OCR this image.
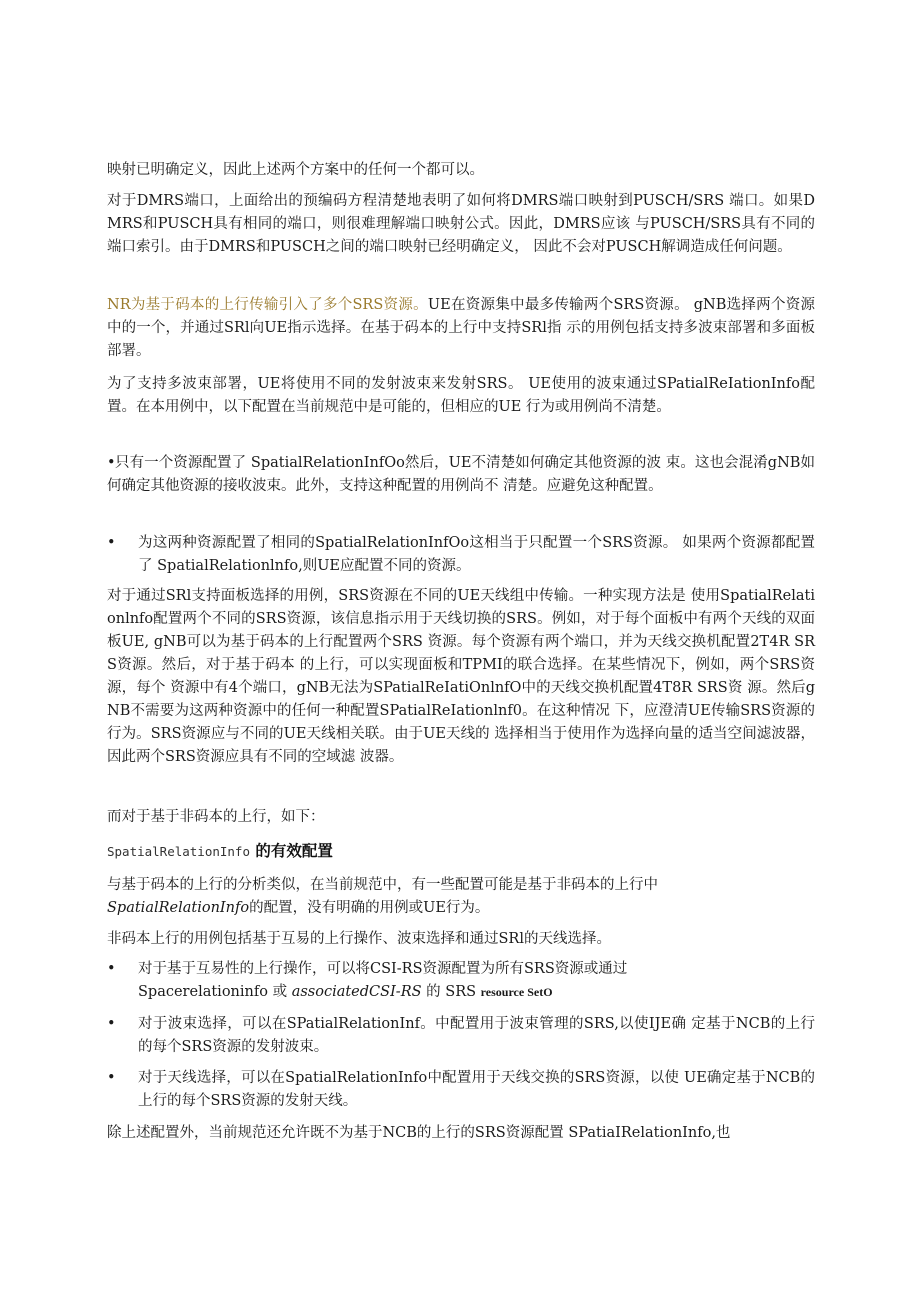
映射已明确定义，因此上述两个方案中的任何一个都可以。

对于DMRS端口，上面给出的预编码方程清楚地表明了如何将DMRS端口映射到PUSCH/SRS 端口。如果DMRS和PUSCH具有相同的端口，则很难理解端口映射公式。因此，DMRS应该 与PUSCH/SRS具有不同的端口索引。由于DMRS和PUSCH之间的端口映射已经明确定义， 因此不会对PUSCH解调造成任何问题。

NR为基于码本的上行传输引入了多个SRS资源。UE在资源集中最多传输两个SRS资源。 gNB选择两个资源中的一个，并通过SRl向UE指示选择。在基于码本的上行中支持SRl指 示的用例包括支持多波束部署和多面板部署。

为了支持多波束部署，UE将使用不同的发射波束来发射SRS。 UE使用的波束通过SPatialReIationInfo配置。在本用例中，以下配置在当前规范中是可能的，但相应的UE 行为或用例尚不清楚。

• 只有一个资源配置了 SpatialRelationInfOo然后，UE不清楚如何确定其他资源的波 束。这也会混淆gNB如何确定其他资源的接收波束。此外，支持这种配置的用例尚不 清楚。应避免这种配置。
•	为这两种资源配置了相同的SpatialRelationInfOo这相当于只配置一个SRS资源。 如果两个资源都配置了 SpatialRelationlnfo,则UE应配置不同的资源。

对于通过SRl支持面板选择的用例，SRS资源在不同的UE天线组中传输。一种实现方法是 使用SpatialRelationlnfo配置两个不同的SRS资源，该信息指示用于天线切换的SRS。例如，对于每个面板中有两个天线的双面板UE, gNB可以为基于码本的上行配置两个SRS 资源。每个资源有两个端口，并为天线交换机配置2T4R SRS资源。然后，对于基于码本 的上行，可以实现面板和TPMI的联合选择。在某些情况下，例如，两个SRS资源，每个 资源中有4个端口，gNB无法为SPatialReIatiOnlnfO中的天线交换机配置4T8R SRS资 源。然后gNB不需要为这两种资源中的任何一种配置SPatialReIationlnf0。在这种情况 下，应澄清UE传输SRS资源的行为。SRS资源应与不同的UE天线相关联。由于UE天线的 选择相当于使用作为选择向量的适当空间滤波器，因此两个SRS资源应具有不同的空域滤 波器。

而对于基于非码本的上行，如下：

SpatialRelationInfo 的有效配置

与基于码本的上行的分析类似，在当前规范中，有一些配置可能是基于非码本的上行中
SpatialRelationInfo的配置，没有明确的用例或UE行为。

非码本上行的用例包括基于互易的上行操作、波束选择和通过SRl的天线选择。

•	对于基于互易性的上行操作，可以将CSI-RS资源配置为所有SRS资源或通过
Spacerelationinfo 或 associatedCSI-RS 的 SRS resource SetO
•	对于波束选择，可以在SPatialRelationInf。中配置用于波束管理的SRS,以使IJE确 定基于NCB的上行的每个SRS资源的发射波束。
•	对于天线选择，可以在SpatialRelationInfo中配置用于天线交换的SRS资源，以使 UE确定基于NCB的上行的每个SRS资源的发射天线。

除上述配置外，当前规范还允许既不为基于NCB的上行的SRS资源配置 SPatiaIRelationInfo,也
